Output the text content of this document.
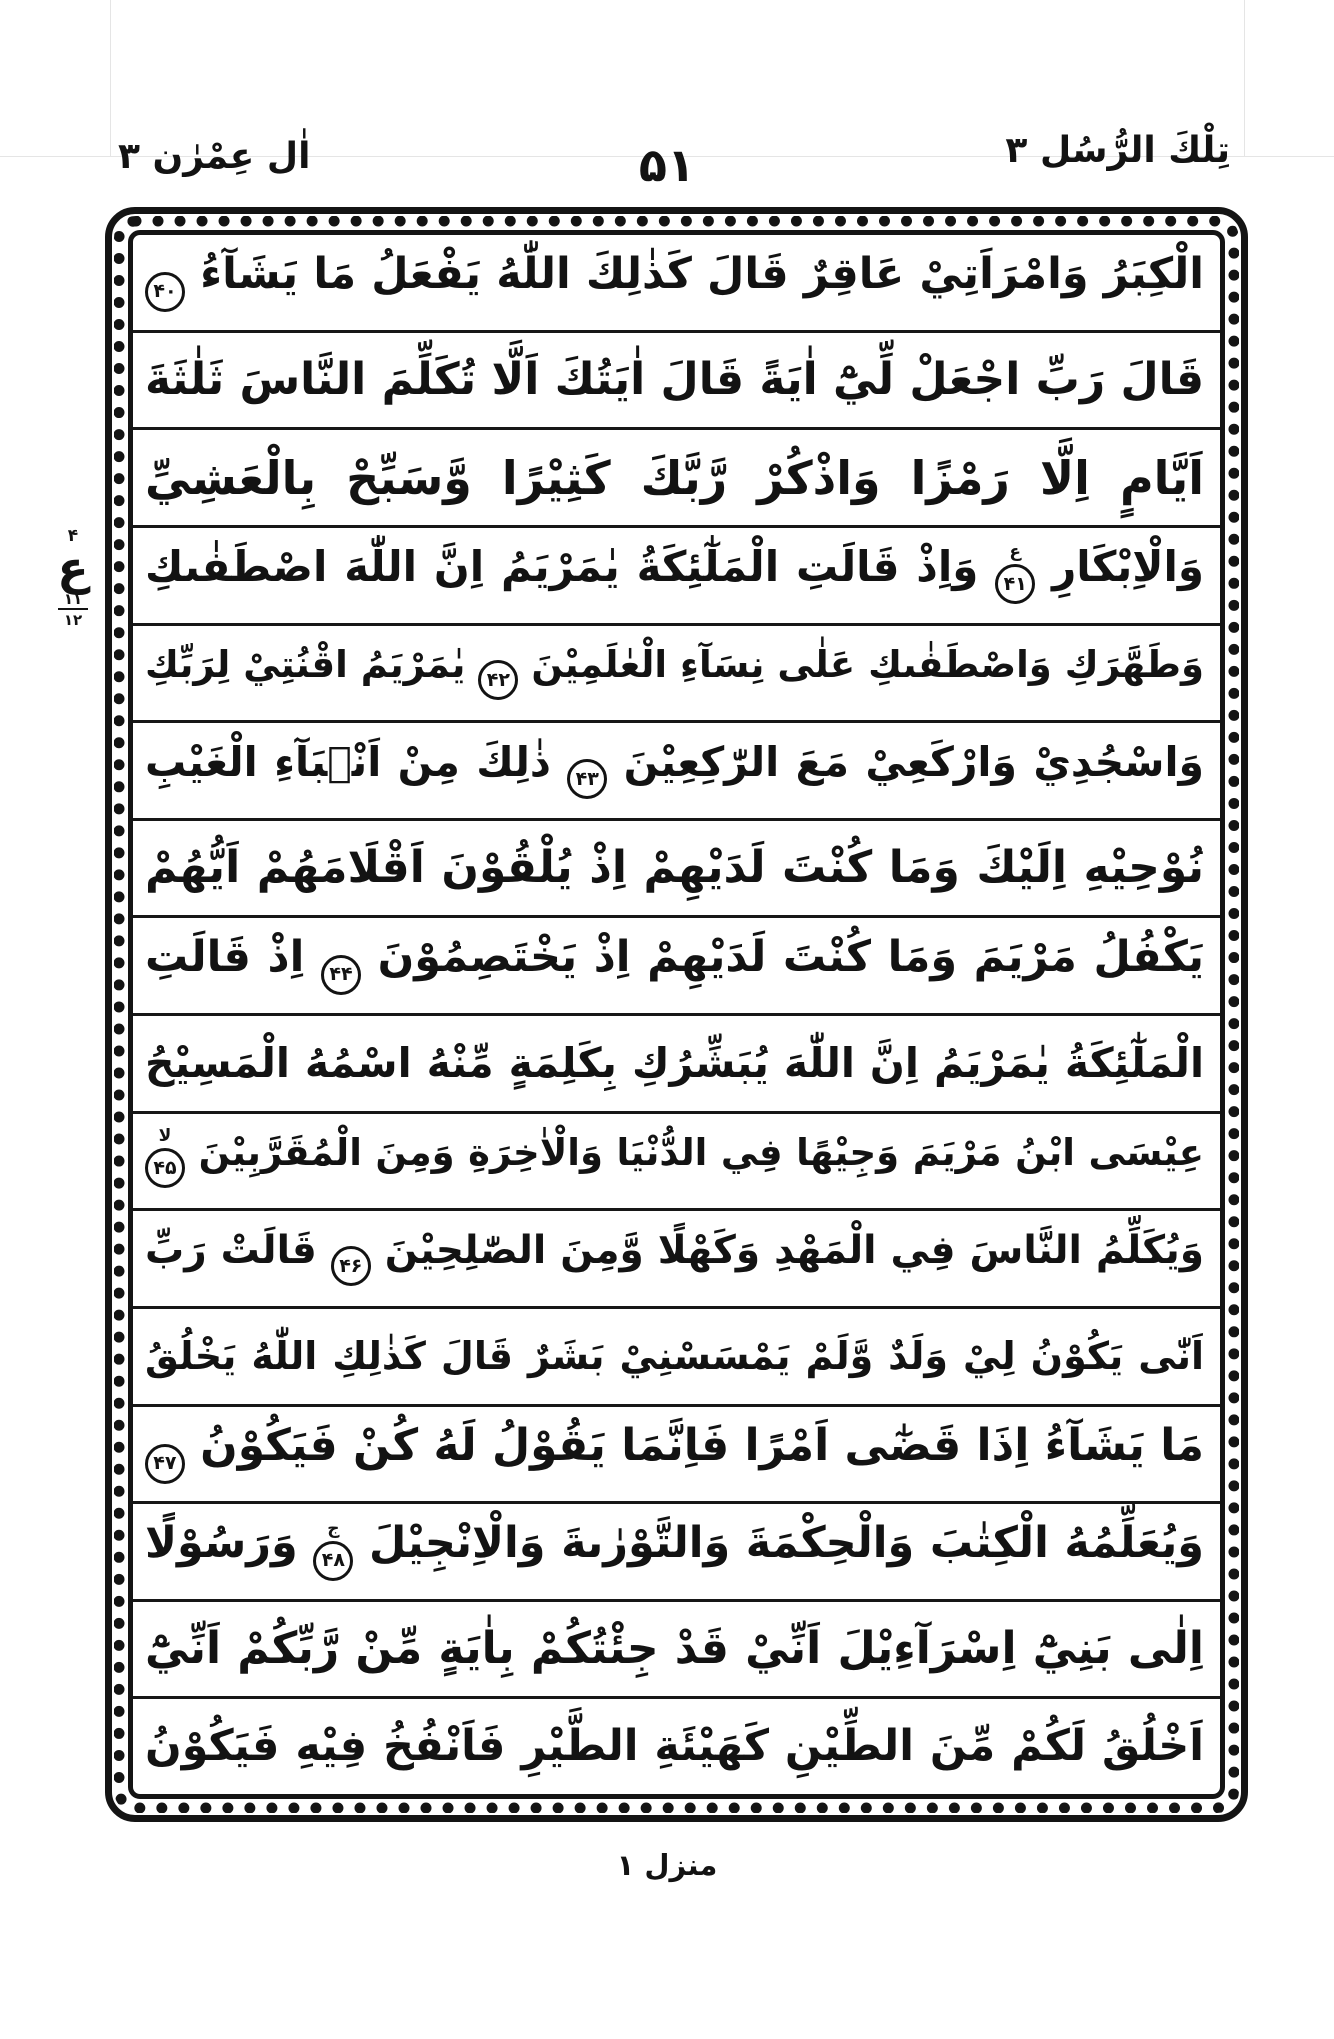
اٰل عِمْرٰن ۳	۵۱	تِلْكَ الرُّسُل ۳
۴
ع
۱۱
۱۲

الْكِبَرُ وَامْرَاَتِيْ عَاقِرٌ قَالَ كَذٰلِكَ اللّٰهُ يَفْعَلُ مَا يَشَآءُ ۴۰

قَالَ رَبِّ اجْعَلْ لِّيْٓ اٰيَةً قَالَ اٰيَتُكَ اَلَّا تُكَلِّمَ النَّاسَ ثَلٰثَةَ

اَيَّامٍ اِلَّا رَمْزًا وَاذْكُرْ رَّبَّكَ كَثِيْرًا وَّسَبِّحْ بِالْعَشِيِّ

وَالْاِبْكَارِ ۴۱
ع
وَاِذْ قَالَتِ الْمَلٰٓئِكَةُ يٰمَرْيَمُ اِنَّ اللّٰهَ اصْطَفٰىكِ

وَطَهَّرَكِ وَاصْطَفٰىكِ عَلٰى نِسَآءِ الْعٰلَمِيْنَ ۴۲ يٰمَرْيَمُ اقْنُتِيْ لِرَبِّكِ

وَاسْجُدِيْ وَارْكَعِيْ مَعَ الرّٰكِعِيْنَ ۴۳ ذٰلِكَ مِنْ اَنْۢبَآءِ الْغَيْبِ

نُوْحِيْهِ اِلَيْكَ وَمَا كُنْتَ لَدَيْهِمْ اِذْ يُلْقُوْنَ اَقْلَامَهُمْ اَيُّهُمْ

يَكْفُلُ مَرْيَمَ وَمَا كُنْتَ لَدَيْهِمْ اِذْ يَخْتَصِمُوْنَ ۴۴ اِذْ قَالَتِ

الْمَلٰٓئِكَةُ يٰمَرْيَمُ اِنَّ اللّٰهَ يُبَشِّرُكِ بِكَلِمَةٍ مِّنْهُ اسْمُهُ الْمَسِيْحُ

عِيْسَى ابْنُ مَرْيَمَ وَجِيْهًا فِي الدُّنْيَا وَالْاٰخِرَةِ وَمِنَ الْمُقَرَّبِيْنَ ۴۵
لا

وَيُكَلِّمُ النَّاسَ فِي الْمَهْدِ وَكَهْلًا وَّمِنَ الصّٰلِحِيْنَ ۴۶ قَالَتْ رَبِّ

اَنّٰى يَكُوْنُ لِيْ وَلَدٌ وَّلَمْ يَمْسَسْنِيْ بَشَرٌ قَالَ كَذٰلِكِ اللّٰهُ يَخْلُقُ

مَا يَشَآءُ اِذَا قَضٰٓى اَمْرًا فَاِنَّمَا يَقُوْلُ لَهُ كُنْ فَيَكُوْنُ ۴۷

وَيُعَلِّمُهُ الْكِتٰبَ وَالْحِكْمَةَ وَالتَّوْرٰىةَ وَالْاِنْجِيْلَ ۴۸
ج
وَرَسُوْلًا

اِلٰى بَنِيْٓ اِسْرَآءِيْلَ اَنِّيْ قَدْ جِئْتُكُمْ بِاٰيَةٍ مِّنْ رَّبِّكُمْ اَنِّيْٓ

اَخْلُقُ لَكُمْ مِّنَ الطِّيْنِ كَهَيْئَةِ الطَّيْرِ فَاَنْفُخُ فِيْهِ فَيَكُوْنُ

منزل ۱
